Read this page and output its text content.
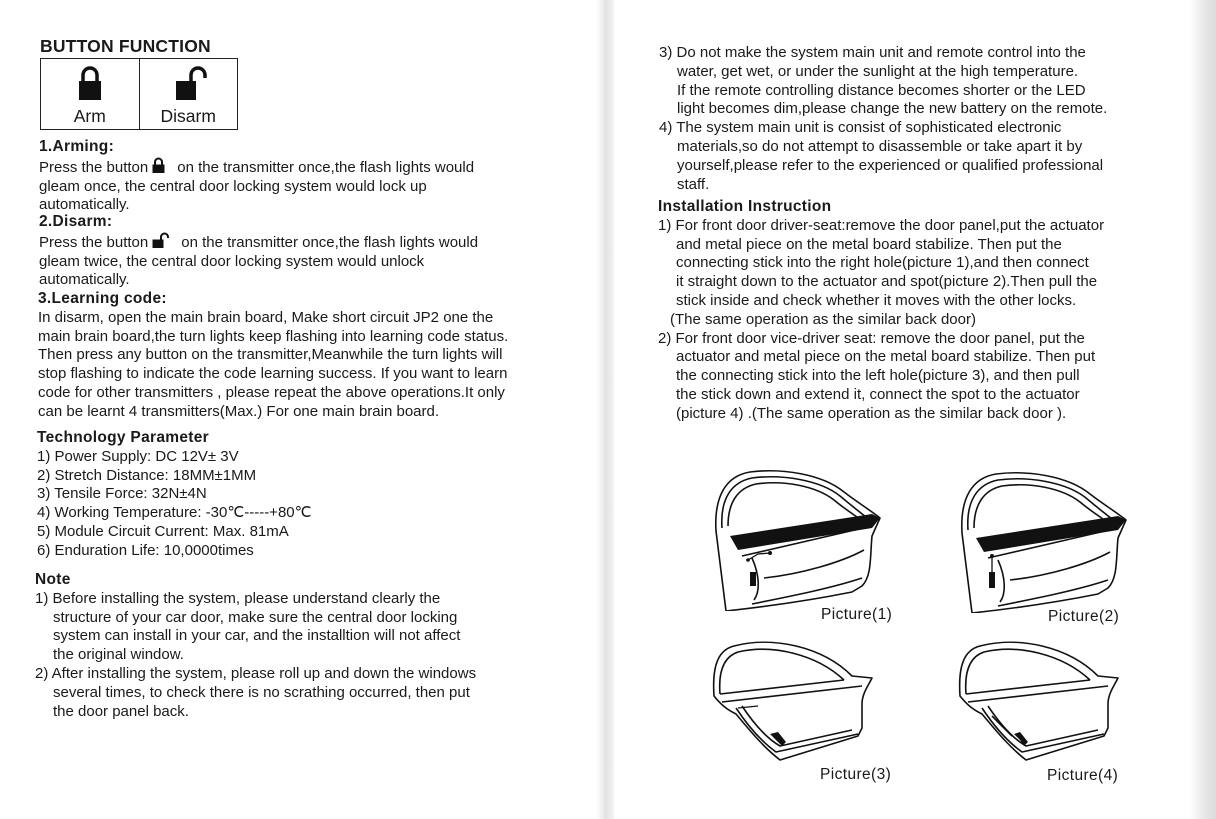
BUTTON FUNCTION
Arm	Disarm
1.Arming:
Press the button on the transmitter once,the flash lights would
gleam once, the central door locking system would lock up
automatically.
2.Disarm:
Press the button on the transmitter once,the flash lights would
gleam twice, the central door locking system would unlock
automatically.
3.Learning code:
In disarm, open the main brain board, Make short circuit JP2 one the
main brain board,the turn lights keep flashing into learning code status.
Then press any button on the transmitter,Meanwhile the turn lights will
stop flashing to indicate the code learning success. If you want to learn
code for other transmitters , please repeat the above operations.It only
can be learnt 4 transmitters(Max.) For one main brain board.
Technology Parameter
1) Power Supply: DC 12V± 3V
2) Stretch Distance: 18MM±1MM
3) Tensile Force: 32N±4N
4) Working Temperature: -30℃-----+80℃
5) Module Circuit Current: Max. 81mA
6) Enduration Life: 10,0000times
Note
1) Before installing the system, please understand clearly the
structure of your car door, make sure the central door locking
system can install in your car, and the installtion will not affect
the original window.
2) After installing the system, please roll up and down the windows
several times, to check there is no scrathing occurred, then put
the door panel back.
3) Do not make the system main unit and remote control into the
water, get wet, or under the sunlight at the high temperature.
If the remote controlling distance becomes shorter or the LED
light becomes dim,please change the new battery on the remote.
4) The system main unit is consist of sophisticated electronic
materials,so do not attempt to disassemble or take apart it by
yourself,please refer to the experienced or qualified professional
staff.
Installation Instruction
1) For front door driver-seat:remove the door panel,put the actuator
and metal piece on the metal board stabilize. Then put the
connecting stick into the right hole(picture 1),and then connect
it straight down to the actuator and spot(picture 2).Then pull the
stick inside and check whether it moves with the other locks.
(The same operation as the similar back door)
2) For front door vice-driver seat: remove the door panel, put the
actuator and metal piece on the metal board stabilize. Then put
the connecting stick into the left hole(picture 3), and then pull
the stick down and extend it, connect the spot to the actuator
(picture 4) .(The same operation as the similar back door ).
Picture(1)	Picture(2)
Picture(3)	Picture(4)
